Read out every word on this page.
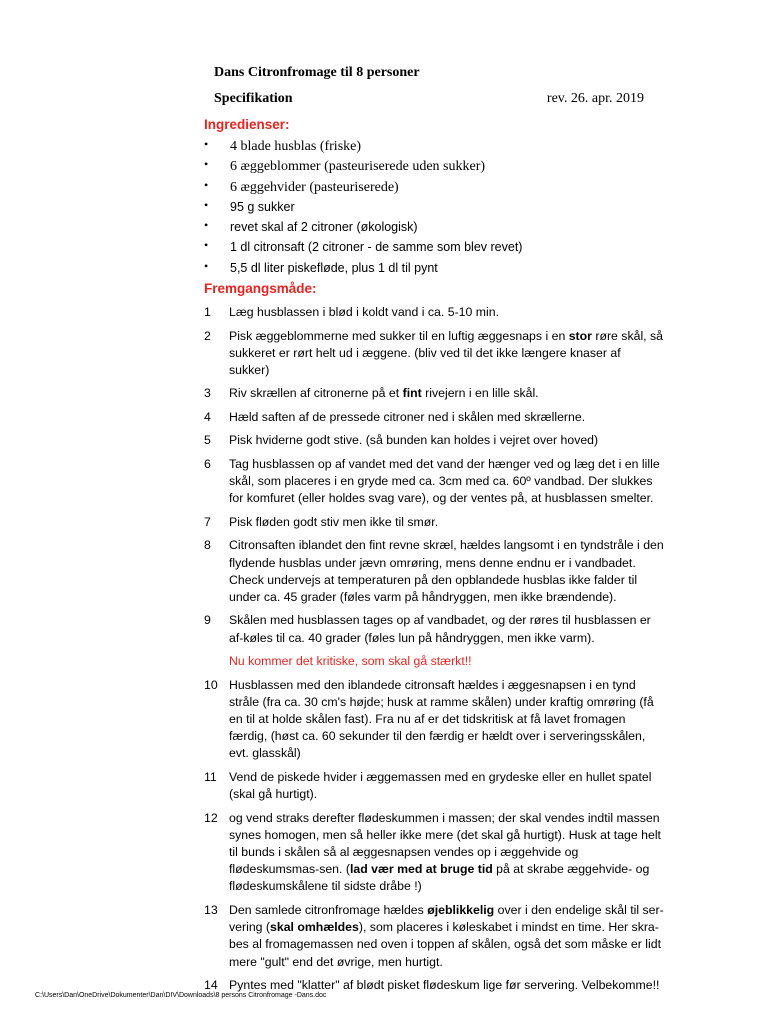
Dans Citronfromage til 8 personer
Specifikation	rev. 26. apr. 2019
Ingredienser:
• 4 blade husblas (friske)
• 6 æggeblommer (pasteuriserede uden sukker)
• 6 æggehvider (pasteuriserede)
• 95 g sukker
• revet skal af 2 citroner (økologisk)
• 1 dl citronsaft (2 citroner - de samme som blev revet)
• 5,5 dl liter piskefløde, plus 1 dl til pynt
Fremgangsmåde:
1 Læg husblassen i blød i koldt vand i ca. 5-10 min.
2 Pisk æggeblommerne med sukker til en luftig æggesnaps i en stor røre skål, så sukkeret er rørt helt ud i æggene. (bliv ved til det ikke længere knaser af sukker)
3 Riv skrællen af citronerne på et fint rivejern i en lille skål.
4 Hæld saften af de pressede citroner ned i skålen med skrællerne.
5 Pisk hviderne godt stive. (så bunden kan holdes i vejret over hoved)
6 Tag husblassen op af vandet med det vand der hænger ved og læg det i en lille skål, som placeres i en gryde med ca. 3cm med ca. 60º vandbad. Der slukkes for komfuret (eller holdes svag vare), og der ventes på, at husblassen smelter.
7 Pisk fløden godt stiv men ikke til smør.
8 Citronsaften iblandet den fint revne skræl, hældes langsomt i en tyndstråle i den flydende husblas under jævn omrøring, mens denne endnu er i vandbadet. Check undervejs at temperaturen på den opblandede husblas ikke falder til under ca. 45 grader (føles varm på håndryggen, men ikke brændende).
9 Skålen med husblassen tages op af vandbadet, og der røres til husblassen er af-køles til ca. 40 grader (føles lun på håndryggen, men ikke varm).
Nu kommer det kritiske, som skal gå stærkt!!
10 Husblassen med den iblandede citronsaft hældes i æggesnapsen i en tynd stråle (fra ca. 30 cm's højde; husk at ramme skålen) under kraftig omrøring (få en til at holde skålen fast). Fra nu af er det tidskritisk at få lavet fromagen færdig, (høst ca. 60 sekunder til den færdig er hældt over i serveringsskålen, evt. glasskål)
11 Vend de piskede hvider i æggemassen med en grydeske eller en hullet spatel (skal gå hurtigt).
12 og vend straks derefter flødeskummen i massen; der skal vendes indtil massen synes homogen, men så heller ikke mere (det skal gå hurtigt). Husk at tage helt til bunds i skålen så al æggesnapsen vendes op i æggehvide og flødeskumsmas-sen. (lad vær med at bruge tid på at skrabe æggehvide- og flødeskumskålene til sidste dråbe !)
13 Den samlede citronfromage hældes øjeblikkelig over i den endelige skål til ser-vering (skal omhældes), som placeres i køleskabet i mindst en time. Her skra-bes al fromagemassen ned oven i toppen af skålen, også det som måske er lidt mere "gult" end det øvrige, men hurtigt.
14 Pyntes med "klatter" af blødt pisket flødeskum lige før servering. Velbekomme!!
C:\Users\Dan\OneDrive\Dokumenter\Dan\DIV\Downloads\8 persons Citronfromage -Dans.doc
